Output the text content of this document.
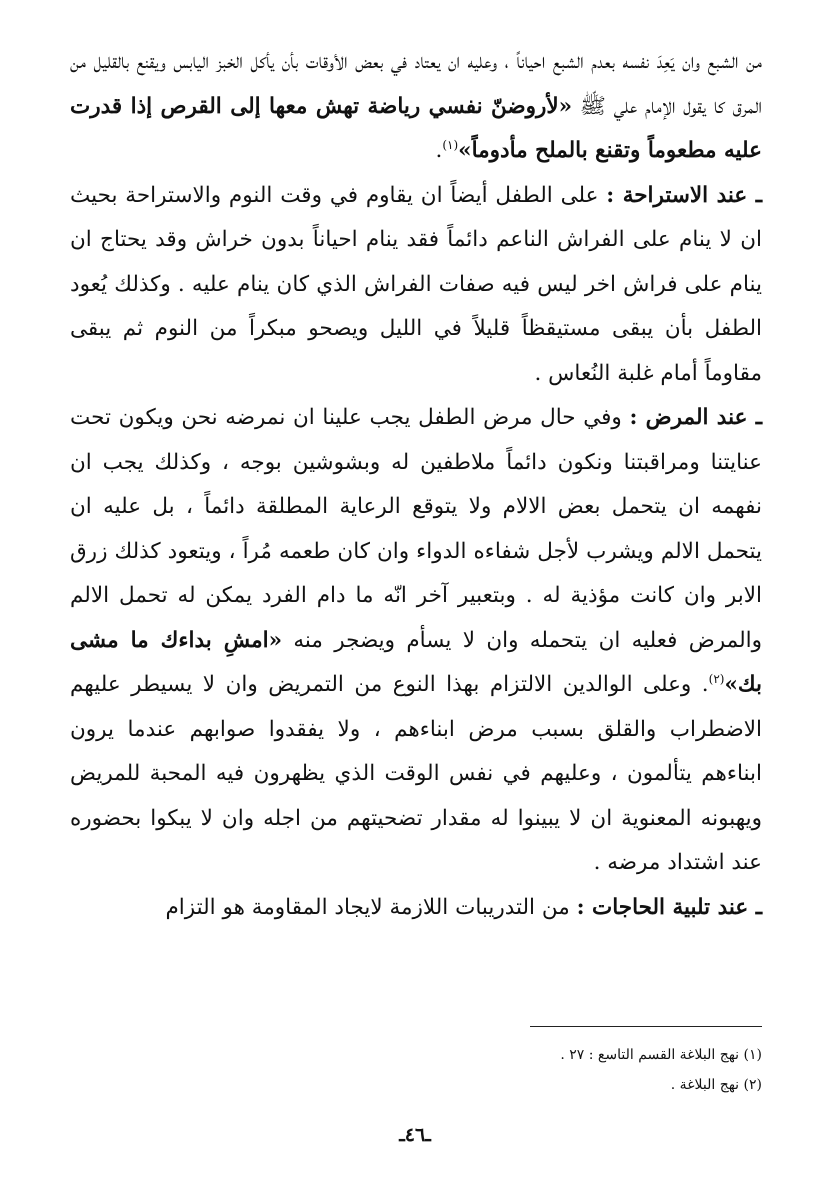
من الشبع وان يَعِدَ نفسه بعدم الشبع احياناً ، وعليه ان يعتاد في بعض الأوقات بأن يأكل الخبز اليابس ويقنع بالقليل من المرق كا يقول الإمام علي ﷺ «لأروضنّ نفسي رياضة تهش معها إلى القرص إذا قدرت عليه مطعوماً وتقنع بالملح مأدوماً»$^{(١)}$.

ـ عند الاستراحة : على الطفل أيضاً ان يقاوم في وقت النوم والاستراحة بحيث ان لا ينام على الفراش الناعم دائماً فقد ينام احياناً بدون خراش وقد يحتاج ان ينام على فراش اخر ليس فيه صفات الفراش الذي كان ينام عليه . وكذلك يُعود الطفل بأن يبقى مستيقظاً قليلاً في الليل ويصحو مبكراً من النوم ثم يبقى مقاوماً أمام غلبة النُعاس .

ـ عند المرض : وفي حال مرض الطفل يجب علينا ان نمرضه نحن ويكون تحت عنايتنا ومراقبتنا ونكون دائماً ملاطفين له وبشوشين بوجه ، وكذلك يجب ان نفهمه ان يتحمل بعض الالام ولا يتوقع الرعاية المطلقة دائماً ، بل عليه ان يتحمل الالم ويشرب لأجل شفاءه الدواء وان كان طعمه مُراً ، ويتعود كذلك زرق الابر وان كانت مؤذية له . وبتعبير آخر انّه ما دام الفرد يمكن له تحمل الالم والمرض فعليه ان يتحمله وان لا يسأم ويضجر منه «امشِ بداءك ما مشى بك»$^{(٢)}$. وعلى الوالدين الالتزام بهذا النوع من التمريض وان لا يسيطر عليهم الاضطراب والقلق بسبب مرض ابناءهم ، ولا يفقدوا صوابهم عندما يرون ابناءهم يتألمون ، وعليهم في نفس الوقت الذي يظهرون فيه المحبة للمريض ويهبونه المعنوية ان لا يبينوا له مقدار تضحيتهم من اجله وان لا يبكوا بحضوره عند اشتداد مرضه .

ـ عند تلبية الحاجات : من التدريبات اللازمة لايجاد المقاومة هو التزام

(١) نهج البلاغة القسم التاسع : ٢٧ .
(٢) نهج البلاغة .
ـ٤٦ـ
